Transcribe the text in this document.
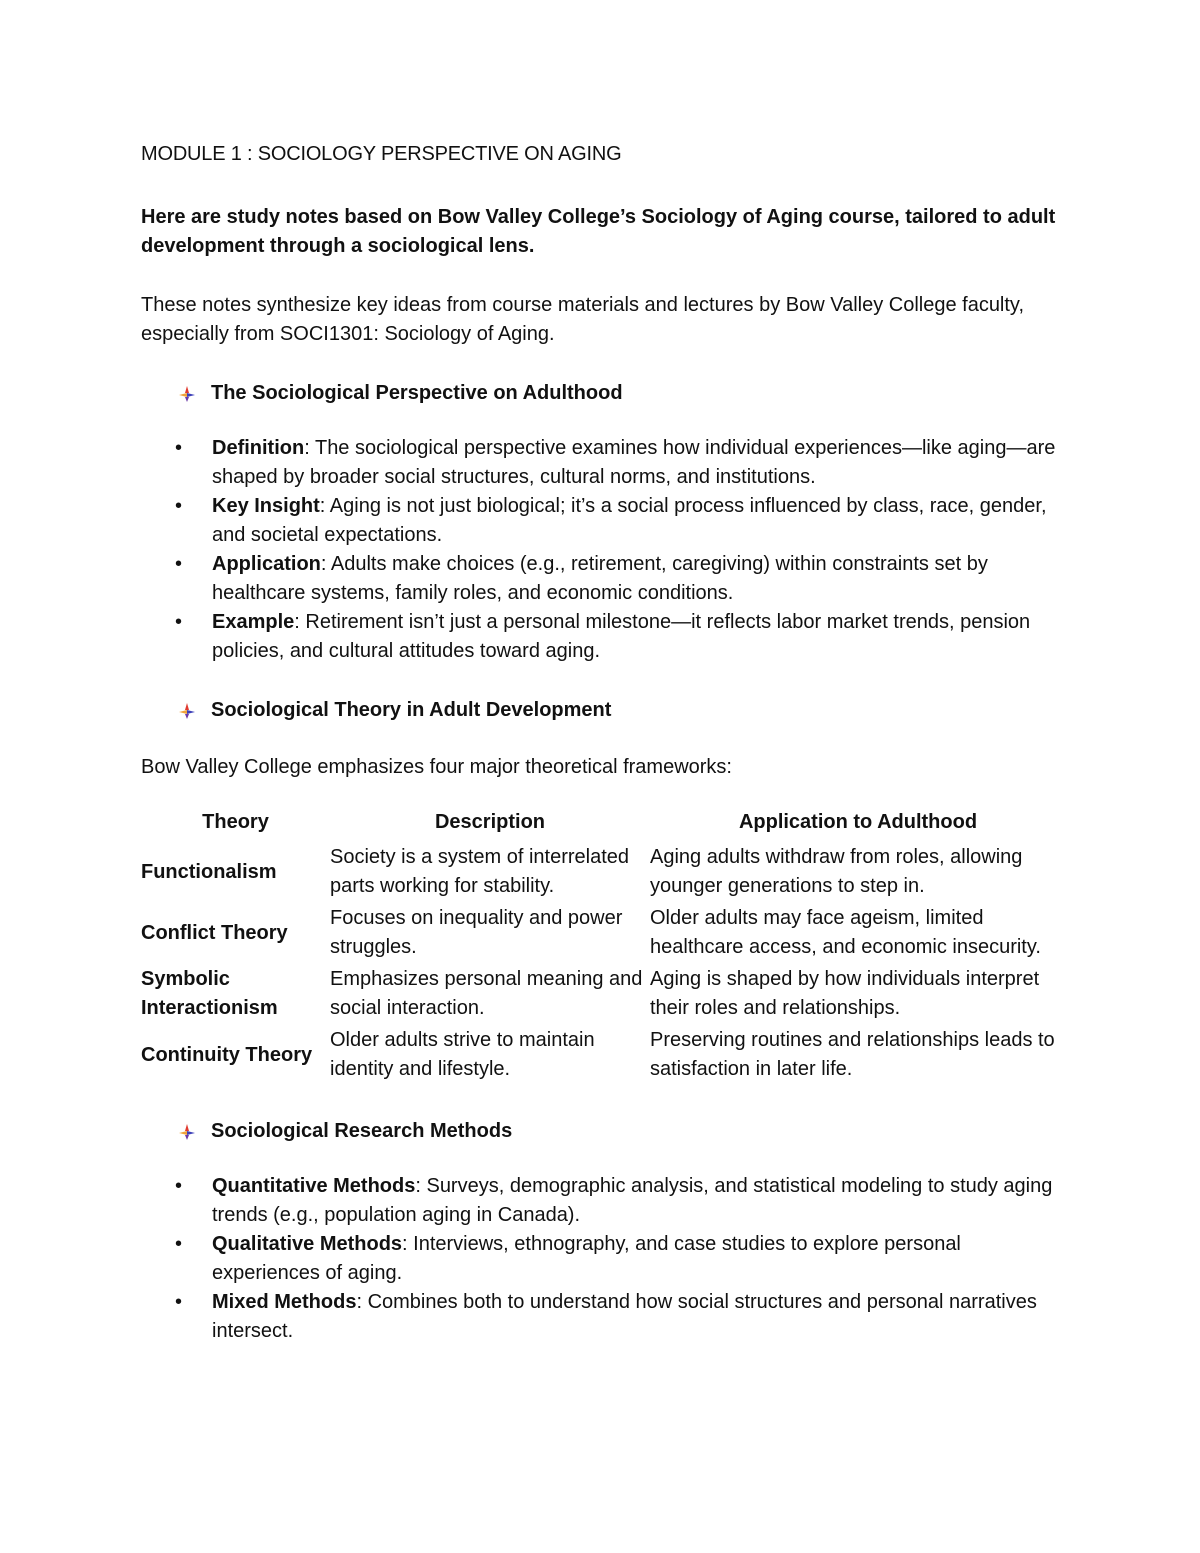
MODULE 1 : SOCIOLOGY PERSPECTIVE ON AGING

Here are study notes based on Bow Valley College’s Sociology of Aging course, tailored to adult development through a sociological lens.

These notes synthesize key ideas from course materials and lectures by Bow Valley College faculty, especially from SOCI1301: Sociology of Aging.

The Sociological Perspective on Adulthood
• Definition: The sociological perspective examines how individual experiences—like aging—are shaped by broader social structures, cultural norms, and institutions.
• Key Insight: Aging is not just biological; it’s a social process influenced by class, race, gender, and societal expectations.
• Application: Adults make choices (e.g., retirement, caregiving) within constraints set by healthcare systems, family roles, and economic conditions.
• Example: Retirement isn’t just a personal milestone—it reflects labor market trends, pension policies, and cultural attitudes toward aging.
Sociological Theory in Adult Development

Bow Valley College emphasizes four major theoretical frameworks:

Theory	Description	Application to Adulthood
Functionalism	Society is a system of interrelated parts working for stability.	Aging adults withdraw from roles, allowing younger generations to step in.
Conflict Theory	Focuses on inequality and power struggles.	Older adults may face ageism, limited healthcare access, and economic insecurity.
Symbolic Interactionism	Emphasizes personal meaning and social interaction.	Aging is shaped by how individuals interpret their roles and relationships.
Continuity Theory	Older adults strive to maintain identity and lifestyle.	Preserving routines and relationships leads to satisfaction in later life.
Sociological Research Methods
• Quantitative Methods: Surveys, demographic analysis, and statistical modeling to study aging trends (e.g., population aging in Canada).
• Qualitative Methods: Interviews, ethnography, and case studies to explore personal experiences of aging.
• Mixed Methods: Combines both to understand how social structures and personal narratives intersect.
